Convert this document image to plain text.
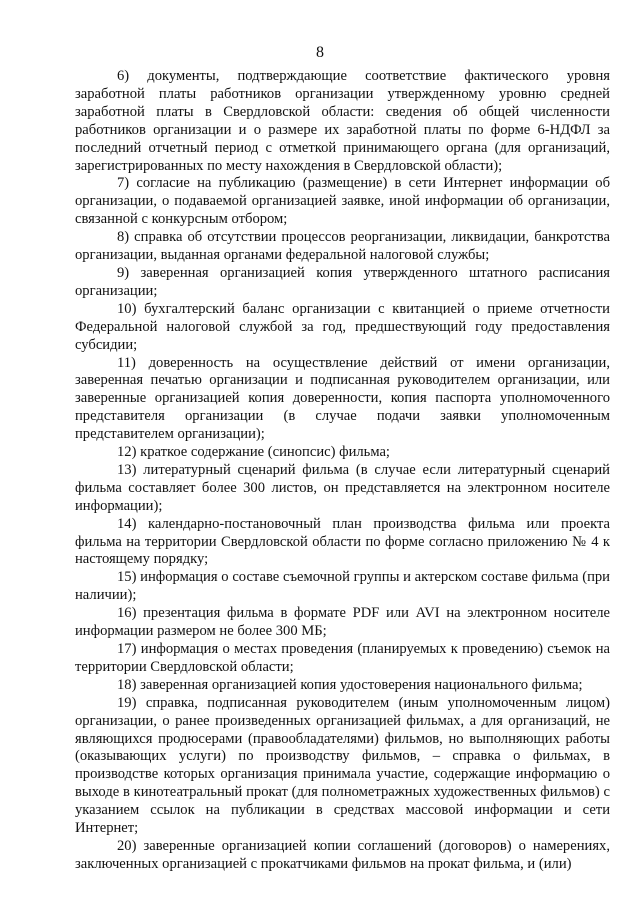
8

6) документы, подтверждающие соответствие фактического уровня заработной платы работников организации утвержденному уровню средней заработной платы в Свердловской области: сведения об общей численности работников организации и о размере их заработной платы по форме 6-НДФЛ за последний отчетный период с отметкой принимающего органа (для организаций, зарегистрированных по месту нахождения в Свердловской области);

7) согласие на публикацию (размещение) в сети Интернет информации об организации, о подаваемой организацией заявке, иной информации об организации, связанной с конкурсным отбором;

8) справка об отсутствии процессов реорганизации, ликвидации, банкротства организации, выданная органами федеральной налоговой службы;

9) заверенная организацией копия утвержденного штатного расписания организации;

10) бухгалтерский баланс организации с квитанцией о приеме отчетности Федеральной налоговой службой за год, предшествующий году предоставления субсидии;

11) доверенность на осуществление действий от имени организации, заверенная печатью организации и подписанная руководителем организации, или заверенные организацией копия доверенности, копия паспорта уполномоченного представителя организации (в случае подачи заявки уполномоченным представителем организации);

12) краткое содержание (синопсис) фильма;

13) литературный сценарий фильма (в случае если литературный сценарий фильма составляет более 300 листов, он представляется на электронном носителе информации);

14) календарно-постановочный план производства фильма или проекта фильма на территории Свердловской области по форме согласно приложению № 4 к настоящему порядку;

15) информация о составе съемочной группы и актерском составе фильма (при наличии);

16) презентация фильма в формате PDF или AVI на электронном носителе информации размером не более 300 МБ;

17) информация о местах проведения (планируемых к проведению) съемок на территории Свердловской области;

18) заверенная организацией копия удостоверения национального фильма;

19) справка, подписанная руководителем (иным уполномоченным лицом) организации, о ранее произведенных организацией фильмах, а для организаций, не являющихся продюсерами (правообладателями) фильмов, но выполняющих работы (оказывающих услуги) по производству фильмов, – справка о фильмах, в производстве которых организация принимала участие, содержащие информацию о выходе в кинотеатральный прокат (для полнометражных художественных фильмов) с указанием ссылок на публикации в средствах массовой информации и сети Интернет;

20) заверенные организацией копии соглашений (договоров) о намерениях, заключенных организацией с прокатчиками фильмов на прокат фильма, и (или)
